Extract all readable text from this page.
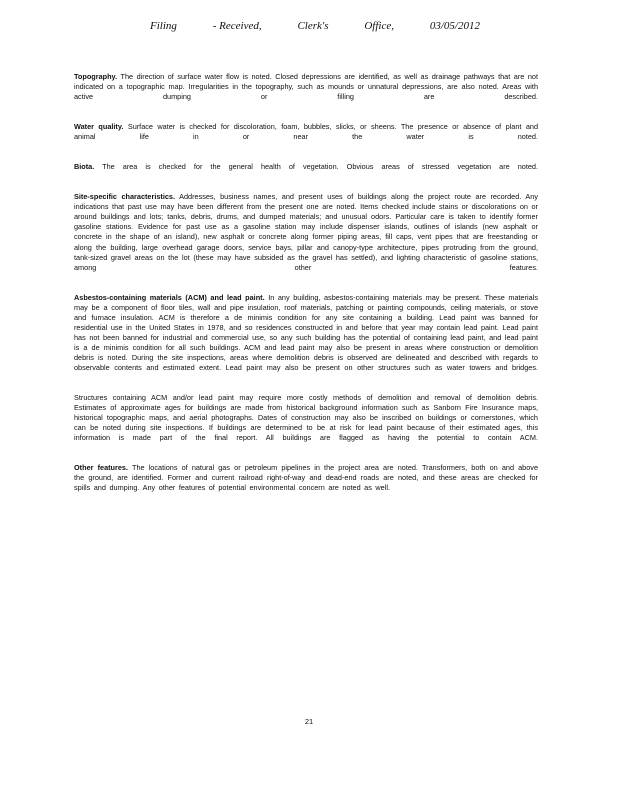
Filing	- Received,	Clerk's	Office,	03/05/2012

Topography. The direction of surface water flow is noted. Closed depressions are identified, as well as drainage pathways that are not indicated on a topographic map. Irregularities in the topography, such as mounds or unnatural depressions, are also noted. Areas with active dumping or filling are described.

Water quality. Surface water is checked for discoloration, foam, bubbles, slicks, or sheens. The presence or absence of plant and animal life in or near the water is noted.

Biota. The area is checked for the general health of vegetation. Obvious areas of stressed vegetation are noted.

Site-specific characteristics. Addresses, business names, and present uses of buildings along the project route are recorded. Any indications that past use may have been different from the present one are noted. Items checked include stains or discolorations on or around buildings and lots; tanks, debris, drums, and dumped materials; and unusual odors. Particular care is taken to identify former gasoline stations. Evidence for past use as a gasoline station may include dispenser islands, outlines of islands (new asphalt or concrete in the shape of an island), new asphalt or concrete along former piping areas, fill caps, vent pipes that are freestanding or along the building, large overhead garage doors, service bays, pillar and canopy-type architecture, pipes protruding from the ground, tank-sized gravel areas on the lot (these may have subsided as the gravel has settled), and lighting characteristic of gasoline stations, among other features.

Asbestos-containing materials (ACM) and lead paint. In any building, asbestos-containing materials may be present. These materials may be a component of floor tiles, wall and pipe insulation, roof materials, patching or painting compounds, ceiling materials, or stove and furnace insulation. ACM is therefore a de minimis condition for any site containing a building. Lead paint was banned for residential use in the United States in 1978, and so residences constructed in and before that year may contain lead paint. Lead paint has not been banned for industrial and commercial use, so any such building has the potential of containing lead paint, and lead paint is a de minimis condition for all such buildings. ACM and lead paint may also be present in areas where construction or demolition debris is noted. During the site inspections, areas where demolition debris is observed are delineated and described with regards to observable contents and estimated extent. Lead paint may also be present on other structures such as water towers and bridges.

Structures containing ACM and/or lead paint may require more costly methods of demolition and removal of demolition debris. Estimates of approximate ages for buildings are made from historical background information such as Sanborn Fire Insurance maps, historical topographic maps, and aerial photographs. Dates of construction may also be inscribed on buildings or cornerstones, which can be noted during site inspections. If buildings are determined to be at risk for lead paint because of their estimated ages, this information is made part of the final report. All buildings are flagged as having the potential to contain ACM.

Other features. The locations of natural gas or petroleum pipelines in the project area are noted. Transformers, both on and above the ground, are identified. Former and current railroad right-of-way and dead-end roads are noted, and these areas are checked for spills and dumping. Any other features of potential environmental concern are noted as well.

21
